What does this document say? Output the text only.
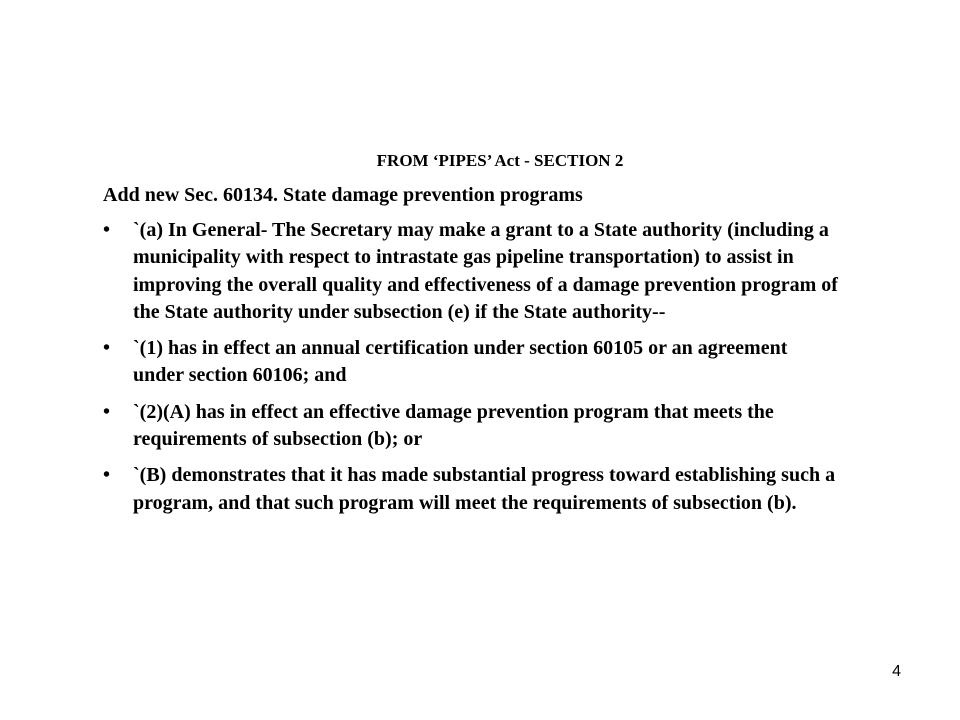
FROM ‘PIPES’ Act - SECTION 2
Add new Sec. 60134. State damage prevention programs
•	`(a) In General- The Secretary may make a grant to a State authority (including a municipality with respect to intrastate gas pipeline transportation) to assist in improving the overall quality and effectiveness of a damage prevention program of the State authority under subsection (e) if the State authority--
•	`(1) has in effect an annual certification under section 60105 or an agreement under section 60106; and
•	`(2)(A) has in effect an effective damage prevention program that meets the requirements of subsection (b); or
•	`(B) demonstrates that it has made substantial progress toward establishing such a program, and that such program will meet the requirements of subsection (b).
4
